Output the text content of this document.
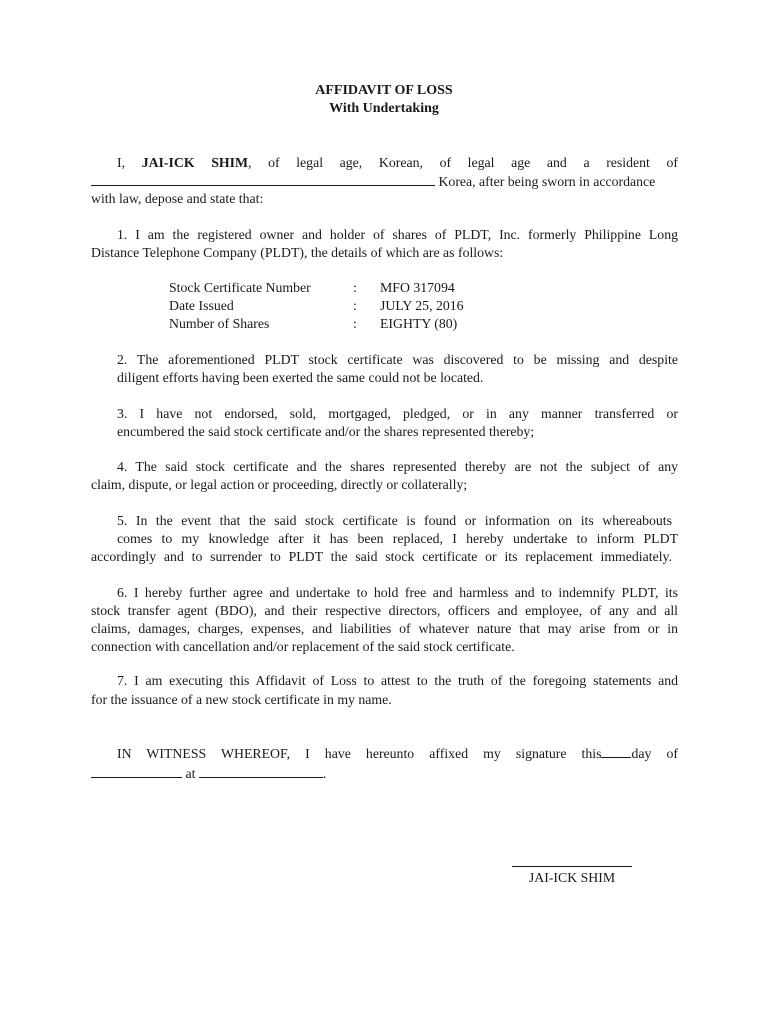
AFFIDAVIT OF LOSS
With Undertaking
I, JAI-ICK SHIM, of legal age, Korean, of legal age and a resident of
Korea, after being sworn in accordance
with law, depose and state that:
1. I am the registered owner and holder of shares of PLDT, Inc. formerly Philippine Long
Distance Telephone Company (PLDT), the details of which are as follows:
Stock Certificate Number	: MFO 317094
Date Issued	: JULY 25, 2016
Number of Shares	: EIGHTY (80)
2. The aforementioned PLDT stock certificate was discovered to be missing and despite
diligent efforts having been exerted the same could not be located.
3. I have not endorsed, sold, mortgaged, pledged, or in any manner transferred or
encumbered the said stock certificate and/or the shares represented thereby;
4. The said stock certificate and the shares represented thereby are not the subject of any
claim, dispute, or legal action or proceeding, directly or collaterally;
5. In the event that the said stock certificate is found or information on its whereabouts
comes to my knowledge after it has been replaced, I hereby undertake to inform PLDT
accordingly and to surrender to PLDT the said stock certificate or its replacement immediately.
6. I hereby further agree and undertake to hold free and harmless and to indemnify PLDT, its
stock transfer agent (BDO), and their respective directors, officers and employee, of any and all
claims, damages, charges, expenses, and liabilities of whatever nature that may arise from or in
connection with cancellation and/or replacement of the said stock certificate.
7. I am executing this Affidavit of Loss to attest to the truth of the foregoing statements and
for the issuance of a new stock certificate in my name.
IN WITNESS WHEREOF, I have hereunto affixed my signature this day of
at	.
JAI-ICK SHIM
